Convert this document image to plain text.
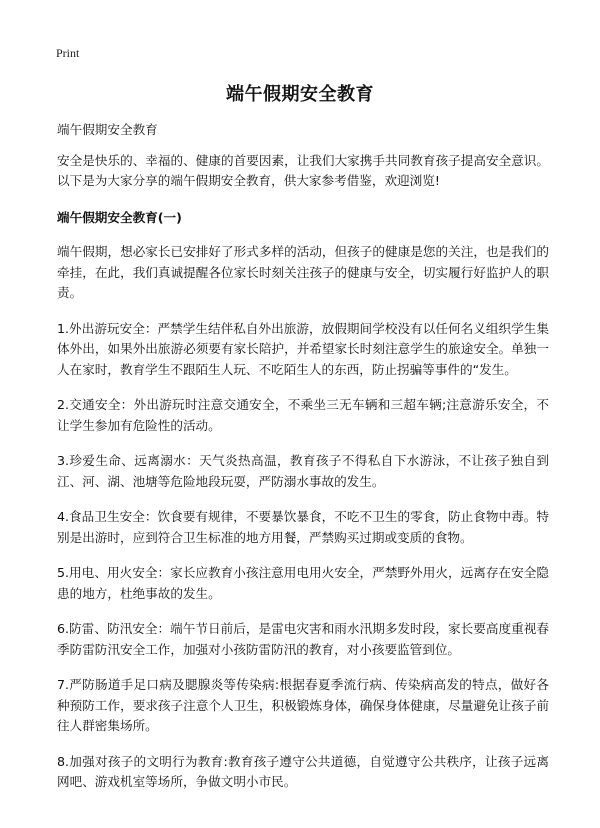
Print
端午假期安全教育

端午假期安全教育

安全是快乐的、幸福的、健康的首要因素，让我们大家携手共同教育孩子提高安全意识。以下是为大家分享的端午假期安全教育，供大家参考借鉴，欢迎浏览!

端午假期安全教育(一)

端午假期，想必家长已安排好了形式多样的活动，但孩子的健康是您的关注，也是我们的牵挂，在此，我们真诚提醒各位家长时刻关注孩子的健康与安全，切实履行好监护人的职责。

1.外出游玩安全：严禁学生结伴私自外出旅游，放假期间学校没有以任何名义组织学生集体外出，如果外出旅游必须要有家长陪护，并希望家长时刻注意学生的旅途安全。单独一人在家时，教育学生不跟陌生人玩、不吃陌生人的东西，防止拐骗等事件的“发生。

2.交通安全：外出游玩时注意交通安全，不乘坐三无车辆和三超车辆;注意游乐安全，不让学生参加有危险性的活动。

3.珍爱生命、远离溺水：天气炎热高温，教育孩子不得私自下水游泳，不让孩子独自到江、河、湖、池塘等危险地段玩耍，严防溺水事故的发生。

4.食品卫生安全：饮食要有规律，不要暴饮暴食，不吃不卫生的零食，防止食物中毒。特别是出游时，应到符合卫生标准的地方用餐，严禁购买过期或变质的食物。

5.用电、用火安全：家长应教育小孩注意用电用火安全，严禁野外用火，远离存在安全隐患的地方，杜绝事故的发生。

6.防雷、防汛安全：端午节日前后，是雷电灾害和雨水汛期多发时段，家长要高度重视春季防雷防汛安全工作，加强对小孩防雷防汛的教育，对小孩要监管到位。

7.严防肠道手足口病及腮腺炎等传染病:根据春夏季流行病、传染病高发的特点，做好各种预防工作，要求孩子注意个人卫生，积极锻炼身体，确保身体健康，尽量避免让孩子前往人群密集场所。

8.加强对孩子的文明行为教育:教育孩子遵守公共道德，自觉遵守公共秩序，让孩子远离网吧、游戏机室等场所，争做文明小市民。
